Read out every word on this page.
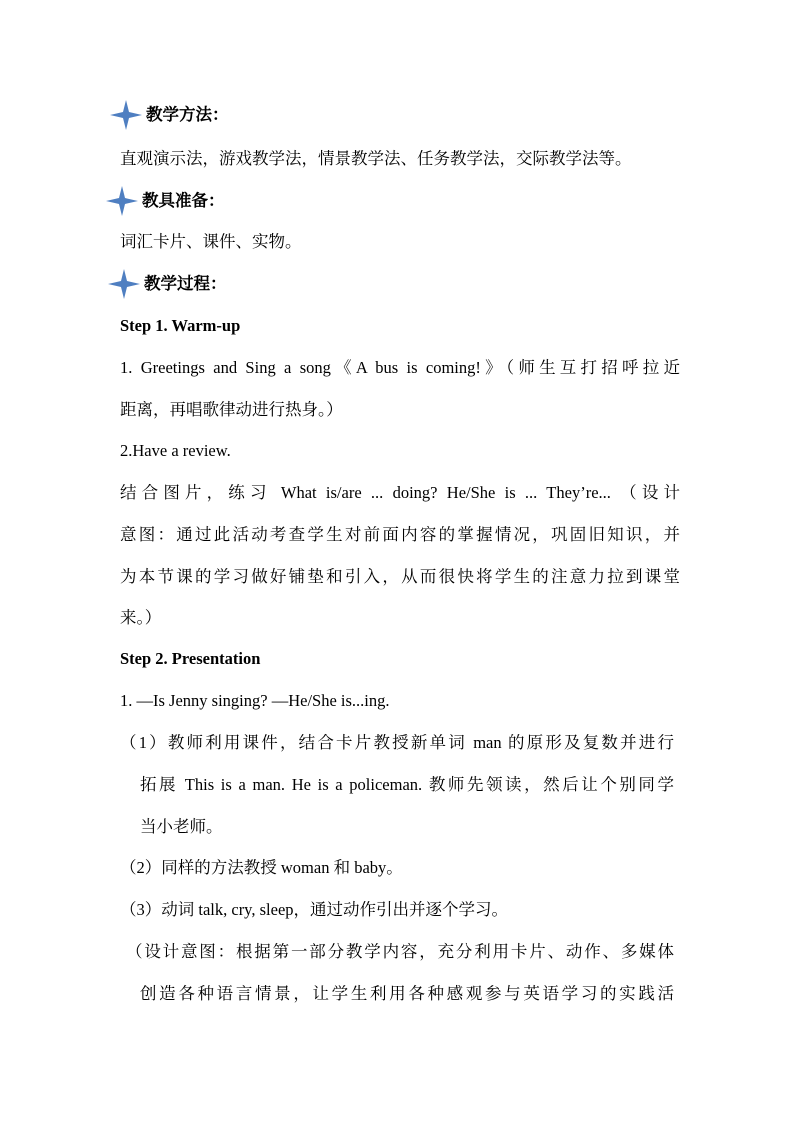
教学方法：
直观演示法，游戏教学法，情景教学法、任务教学法，交际教学法等。
教具准备：
词汇卡片、课件、实物。
教学过程：
Step 1. Warm-up
1. Greetings and Sing a song《A bus is coming!》（师生互打招呼拉近
距离，再唱歌律动进行热身。）
2.Have a review.
结合图片，练习 What is/are ... doing? He/She is ... They’re... （设计
意图：通过此活动考查学生对前面内容的掌握情况，巩固旧知识，并
为本节课的学习做好铺垫和引入，从而很快将学生的注意力拉到课堂
来。）
Step 2. Presentation
1. —Is Jenny singing? —He/She is...ing.
（1）教师利用课件，结合卡片教授新单词 man 的原形及复数并进行
拓展 This is a man. He is a policeman. 教师先领读，然后让个别同学
当小老师。
（2）同样的方法教授 woman 和 baby。
（3）动词 talk, cry, sleep，通过动作引出并逐个学习。
（设计意图：根据第一部分教学内容，充分利用卡片、动作、多媒体
创造各种语言情景，让学生利用各种感观参与英语学习的实践活
